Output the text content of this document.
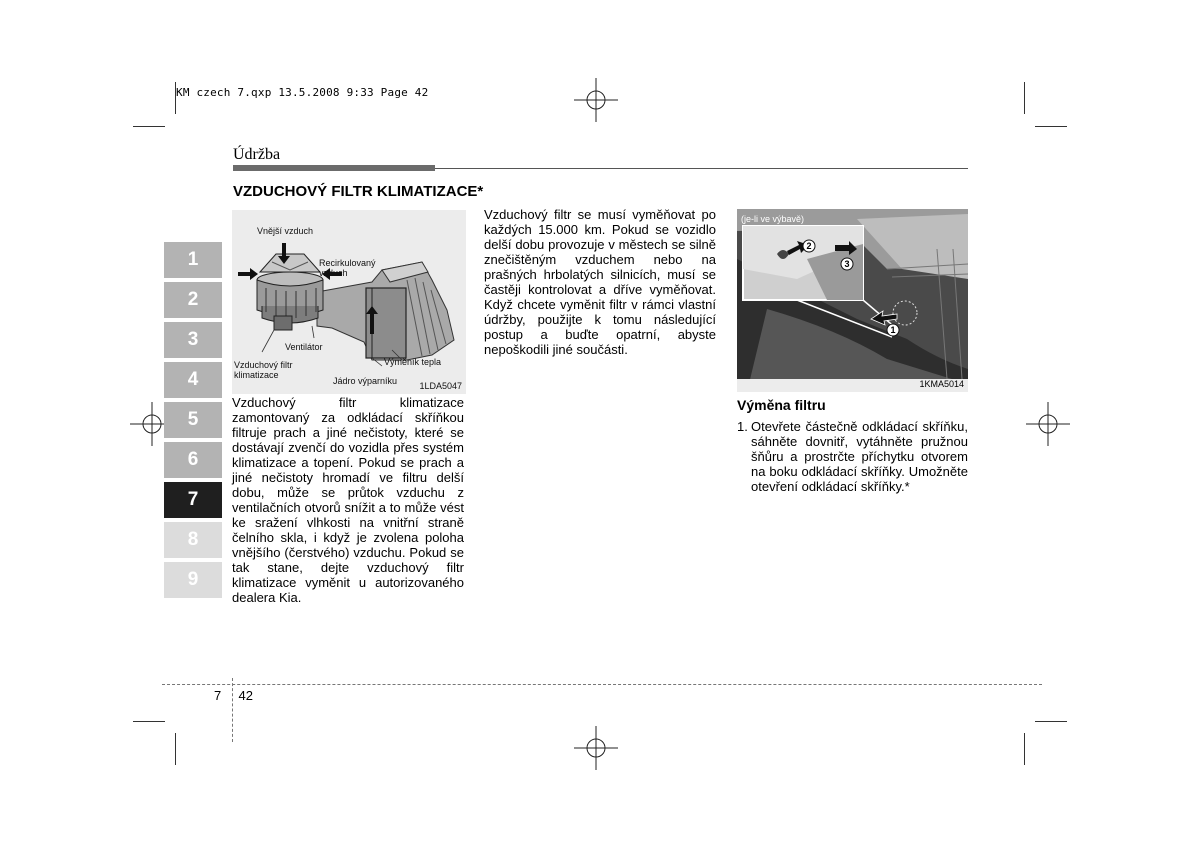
KM czech 7.qxp 13.5.2008 9:33 Page 42
Údržba
VZDUCHOVÝ FILTR KLIMATIZACE*
1
2
3
4
5
6
7
8
9
Vnější vzduch
Recirkulovaný
vzduch
Ventilátor
Vzduchový filtr
klimatizace
Výměník tepla
Jádro výparníku 1LDA5047
1
2
3
(je-li ve výbavě)
1KMA5014
Vzduchový filtr klimatizace zamontovaný za odkládací skříňkou filtruje prach a jiné nečistoty, které se dostávají zvenčí do vozidla přes systém klimatizace a topení. Pokud se prach a jiné nečistoty hromadí ve filtru delší dobu, může se průtok vzduchu z ventilačních otvorů snížit a to může vést ke sražení vlhkosti na vnitřní straně čelního skla, i když je zvolena poloha vnějšího (čerstvého) vzduchu. Pokud se tak stane, dejte vzduchový filtr klimatizace vyměnit u autorizovaného dealera Kia.
Vzduchový filtr se musí vyměňovat po každých 15.000 km. Pokud se vozidlo delší dobu provozuje v městech se silně znečištěným vzduchem nebo na prašných hrbolatých silnicích, musí se častěji kontrolovat a dříve vyměňovat. Když chcete vyměnit filtr v rámci vlastní údržby, použijte k tomu následující postup a buďte opatrní, abyste nepoškodili jiné součásti.
Výměna filtru
1. Otevřete částečně odkládací skříňku, sáhněte dovnitř, vytáhněte pružnou šňůru a prostrčte příchytku otvorem na boku odkládací skříňky. Umožněte otevření odkládací skříňky.*
7 42
